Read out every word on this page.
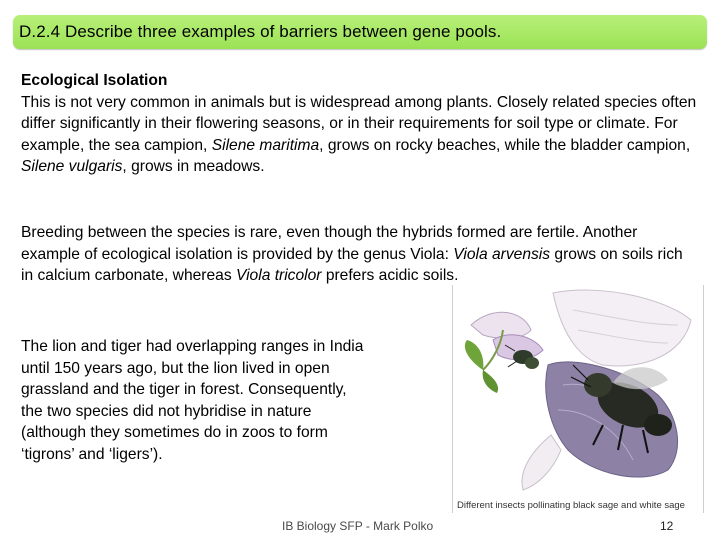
D.2.4 Describe three examples of barriers between gene pools.

Ecological Isolation
This is not very common in animals but is widespread among plants. Closely related species often differ significantly in their flowering seasons, or in their requirements for soil type or climate. For example, the sea campion, Silene maritima, grows on rocky beaches, while the bladder campion, Silene vulgaris, grows in meadows.

Breeding between the species is rare, even though the hybrids formed are fertile. Another example of ecological isolation is provided by the genus Viola: Viola arvensis grows on soils rich in calcium carbonate, whereas Viola tricolor prefers acidic soils.

The lion and tiger had overlapping ranges in India until 150 years ago, but the lion lived in open grassland and the tiger in forest. Consequently, the two species did not hybridise in nature (although they sometimes do in zoos to form ‘tigrons’ and ‘ligers’).

Different insects pollinating black sage and white sage
IB Biology SFP - Mark Polko	12
